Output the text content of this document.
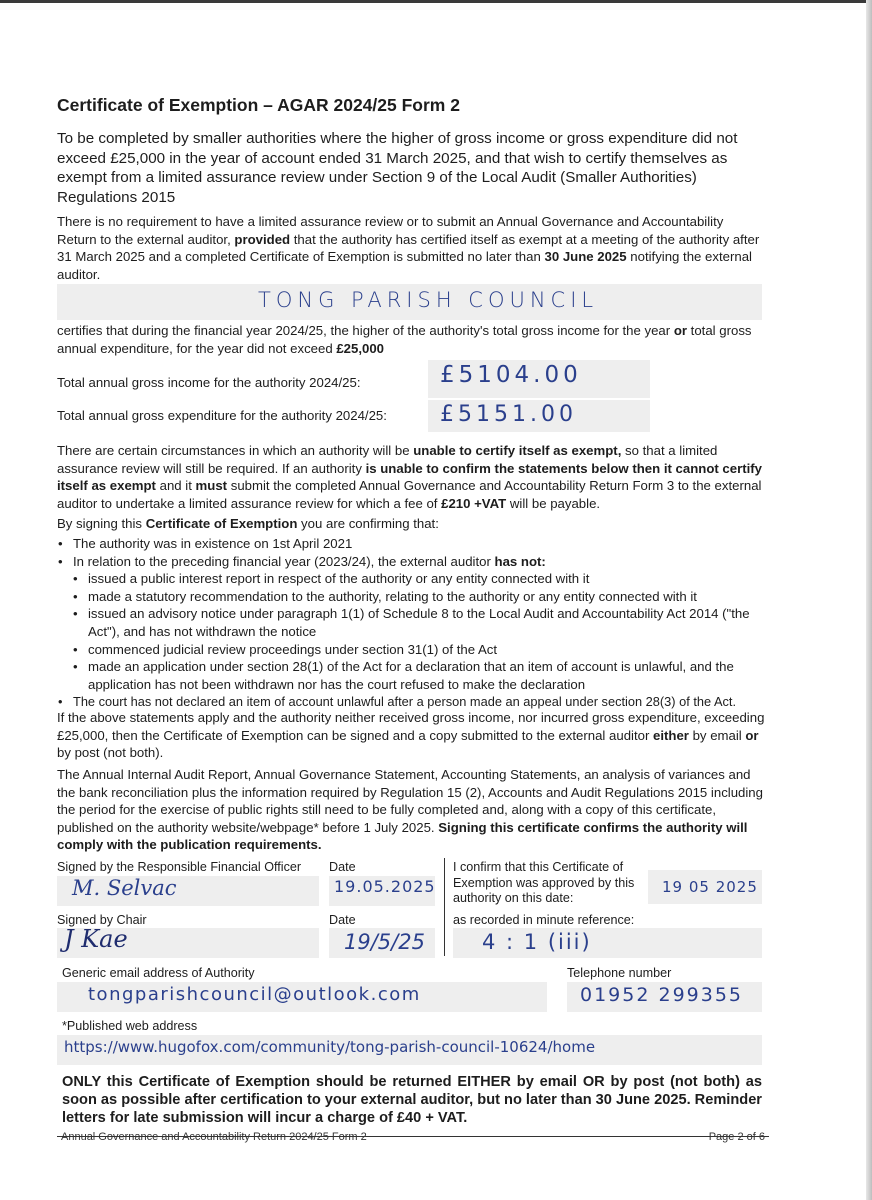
Certificate of Exemption – AGAR 2024/25 Form 2

To be completed by smaller authorities where the higher of gross income or gross expenditure did not exceed £25,000 in the year of account ended 31 March 2025, and that wish to certify themselves as exempt from a limited assurance review under Section 9 of the Local Audit (Smaller Authorities) Regulations 2015

There is no requirement to have a limited assurance review or to submit an Annual Governance and Accountability Return to the external auditor, provided that the authority has certified itself as exempt at a meeting of the authority after 31 March 2025 and a completed Certificate of Exemption is submitted no later than 30 June 2025 notifying the external auditor.

TONG PARISH COUNCIL

certifies that during the financial year 2024/25, the higher of the authority's total gross income for the year or total gross annual expenditure, for the year did not exceed £25,000

Total annual gross income for the authority 2024/25:	£5104.00
Total annual gross expenditure for the authority 2024/25: £5151.00

There are certain circumstances in which an authority will be unable to certify itself as exempt, so that a limited assurance review will still be required. If an authority is unable to confirm the statements below then it cannot certify itself as exempt and it must submit the completed Annual Governance and Accountability Return Form 3 to the external auditor to undertake a limited assurance review for which a fee of £210 +VAT will be payable.

By signing this Certificate of Exemption you are confirming that:

• The authority was in existence on 1st April 2021
• In relation to the preceding financial year (2023/24), the external auditor has not:
• issued a public interest report in respect of the authority or any entity connected with it
• made a statutory recommendation to the authority, relating to the authority or any entity connected with it
• issued an advisory notice under paragraph 1(1) of Schedule 8 to the Local Audit and Accountability Act 2014 ("the Act"), and has not withdrawn the notice
• commenced judicial review proceedings under section 31(1) of the Act
• made an application under section 28(1) of the Act for a declaration that an item of account is unlawful, and the application has not been withdrawn nor has the court refused to make the declaration
• The court has not declared an item of account unlawful after a person made an appeal under section 28(3) of the Act.

If the above statements apply and the authority neither received gross income, nor incurred gross expenditure, exceeding £25,000, then the Certificate of Exemption can be signed and a copy submitted to the external auditor either by email or by post (not both).

The Annual Internal Audit Report, Annual Governance Statement, Accounting Statements, an analysis of variances and the bank reconciliation plus the information required by Regulation 15 (2), Accounts and Audit Regulations 2015 including the period for the exercise of public rights still need to be fully completed and, along with a copy of this certificate, published on the authority website/webpage* before 1 July 2025. Signing this certificate confirms the authority will comply with the publication requirements.

Signed by the Responsible Financial Officer Date	I confirm that this Certificate of Exemption was approved by this authority on this date:
M. Selvac	19.05.2025	19 05 2025
Signed by Chair	Date	as recorded in minute reference:
J Kae	19/5/25	4 : 1 (iii)
Generic email address of Authority	Telephone number
tongparishcouncil@outlook.com	01952 299355
*Published web address
https://www.hugofox.com/community/tong-parish-council-10624/home

ONLY this Certificate of Exemption should be returned EITHER by email OR by post (not both) as soon as possible after certification to your external auditor, but no later than 30 June 2025. Reminder letters for late submission will incur a charge of £40 + VAT.

Annual Governance and Accountability Return 2024/25 Form 2	Page 2 of 6
